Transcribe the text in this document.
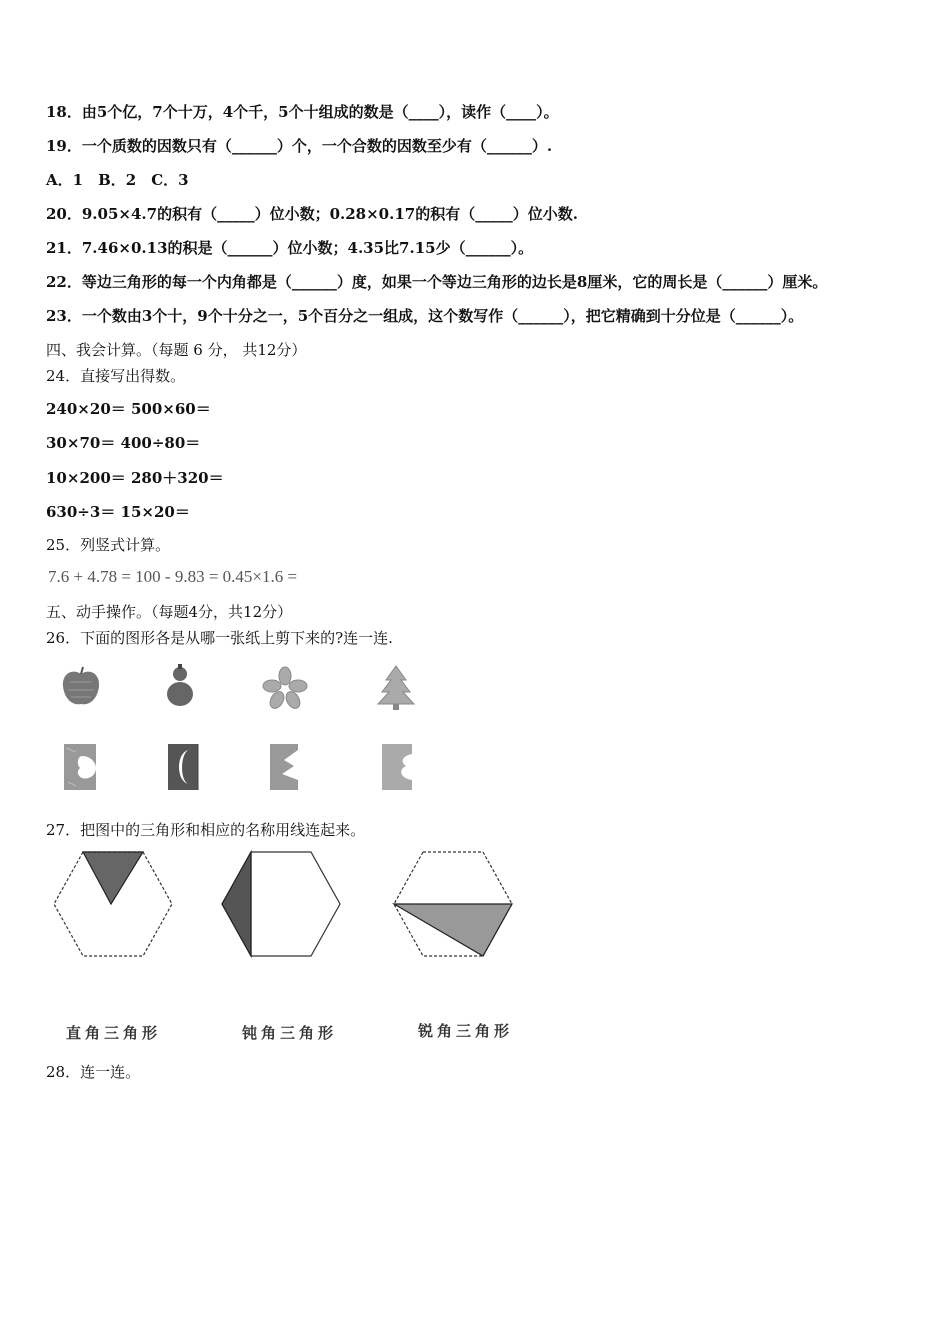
18．由5个亿，7个十万，4个千，5个十组成的数是（____），读作（____）。
19．一个质数的因数只有（______）个，一个合数的因数至少有（______）.
A．1　B．2　C．3
20．9.05×4.7的积有（_____）位小数；0.28×0.17的积有（_____）位小数.
21．7.46×0.13的积是（______）位小数；4.35比7.15少（______）。
22．等边三角形的每一个内角都是（______）度，如果一个等边三角形的边长是8厘米，它的周长是（______）厘米。
23．一个数由3个十，9个十分之一，5个百分之一组成，这个数写作（______），把它精确到十分位是（______）。
四、我会计算。（每题 6 分， 共12分）
24．直接写出得数。
240×20＝ 500×60＝
30×70＝ 400÷80＝
10×200＝ 280＋320＝
630÷3＝ 15×20＝
25．列竖式计算。
7.6 + 4.78 = 100 - 9.83 = 0.45×1.6 =
五、动手操作。（每题4分，共12分）
26．下面的图形各是从哪一张纸上剪下来的?连一连.
27．把图中的三角形和相应的名称用线连起来。
直角三角形	钝角三角形	锐角三角形
28．连一连。
